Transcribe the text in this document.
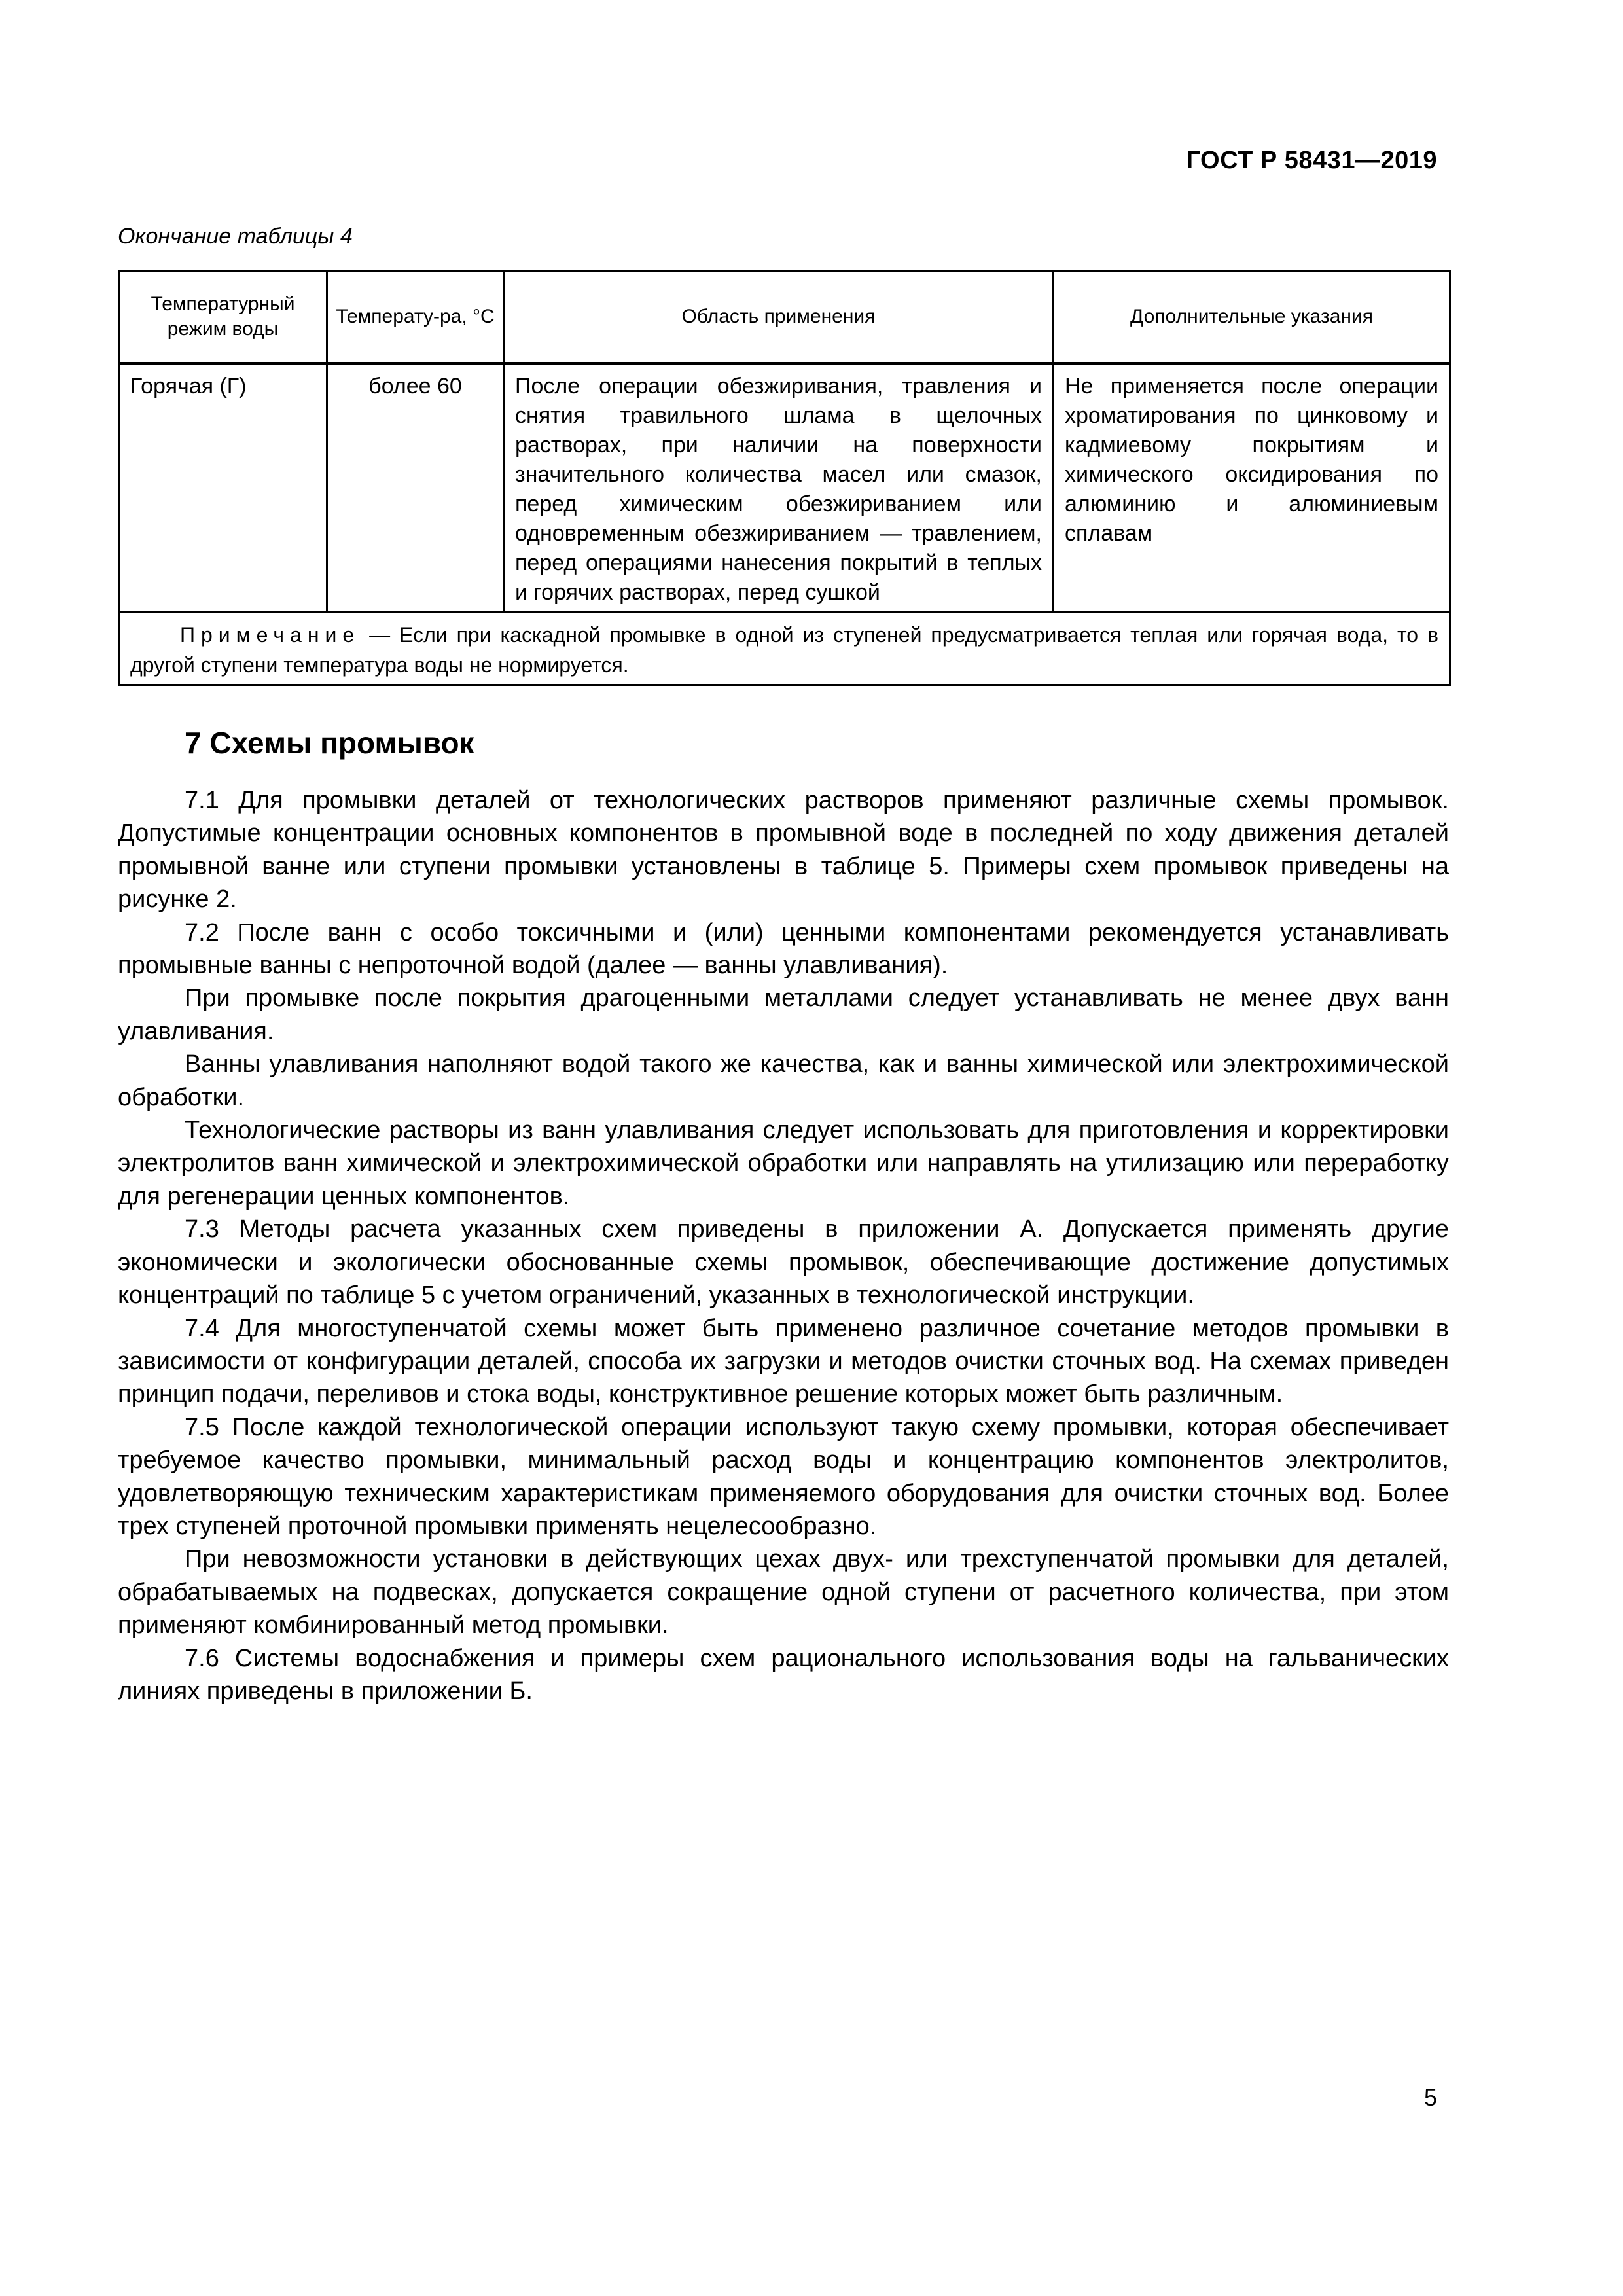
ГОСТ Р 58431—2019
Окончание таблицы 4
Температурный режим воды	Температу-ра, °С	Область применения	Дополнительные указания
Горячая (Г)	более 60	После операции обезжиривания, травления и снятия травильного шлама в щелочных растворах, при наличии на поверхности значительного количества масел или смазок, перед химическим обезжириванием или одновременным обезжириванием — травлением, перед операциями нанесения покрытий в теплых и горячих растворах, перед сушкой	Не применяется после операции хроматирования по цинковому и кадмиевому покрытиям и химического оксидирования по алюминию и алюминиевым сплавам
Примечание — Если при каскадной промывке в одной из ступеней предусматривается теплая или горячая вода, то в другой ступени температура воды не нормируется.			
7 Схемы промывок

7.1 Для промывки деталей от технологических растворов применяют различные схемы промывок. Допустимые концентрации основных компонентов в промывной воде в последней по ходу движения деталей промывной ванне или ступени промывки установлены в таблице 5. Примеры схем промывок приведены на рисунке 2.

7.2 После ванн с особо токсичными и (или) ценными компонентами рекомендуется устанавливать промывные ванны с непроточной водой (далее — ванны улавливания).

При промывке после покрытия драгоценными металлами следует устанавливать не менее двух ванн улавливания.

Ванны улавливания наполняют водой такого же качества, как и ванны химической или электрохимической обработки.

Технологические растворы из ванн улавливания следует использовать для приготовления и корректировки электролитов ванн химической и электрохимической обработки или направлять на утилизацию или переработку для регенерации ценных компонентов.

7.3 Методы расчета указанных схем приведены в приложении А. Допускается применять другие экономически и экологически обоснованные схемы промывок, обеспечивающие достижение допустимых концентраций по таблице 5 с учетом ограничений, указанных в технологической инструкции.

7.4 Для многоступенчатой схемы может быть применено различное сочетание методов промывки в зависимости от конфигурации деталей, способа их загрузки и методов очистки сточных вод. На схемах приведен принцип подачи, переливов и стока воды, конструктивное решение которых может быть различным.

7.5 После каждой технологической операции используют такую схему промывки, которая обеспечивает требуемое качество промывки, минимальный расход воды и концентрацию компонентов электролитов, удовлетворяющую техническим характеристикам применяемого оборудования для очистки сточных вод. Более трех ступеней проточной промывки применять нецелесообразно.

При невозможности установки в действующих цехах двух- или трехступенчатой промывки для деталей, обрабатываемых на подвесках, допускается сокращение одной ступени от расчетного количества, при этом применяют комбинированный метод промывки.

7.6 Системы водоснабжения и примеры схем рационального использования воды на гальванических линиях приведены в приложении Б.

5
